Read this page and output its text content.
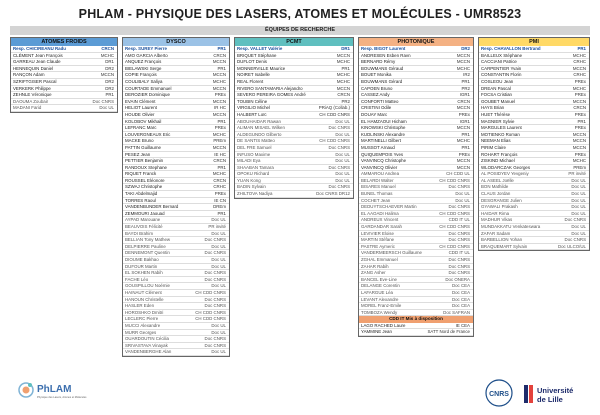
PHLAM - PHYSIQUE DES LASERS, ATOMES ET MOLÉCULES - UMR8523
ÉQUIPES DE RECHERCHE
ATOMES FROIDS
Resp. CHICIREANU Radu	CRCN
CLÉMENT Jean François	MCHC
GARREAU Jean Claude	DR1
HENNEQUIN Daniel	DR2
RANÇON Adam	MCCN
SZRIFTGISER Pascal	DR2
VERKERK Philippe	DR2
ZEHNLE Véronique	PR1
DAOUMA Zoubair	Doc CNRS
MADANI Farid	Doc UL
DYSCO
Resp. SUREY Pierre	PR1
AMO GARCIA Alberto	CRCN
ANQUEZ François	MCCN
BIELAWSKI Serge	PR1
COPIE François	MCCN
COULIBALY Saliya	MCHC
COURTADE Emmanuel	MCCN
DEROZIER Dominique	PREx
EVAIN Clément	MCCN
HELIOT Laurent	IR HC
HOUDE Olivier	MCCN
KOLOBOV Mikhail	PR1
LEFRANC Marc	PREx
LOUVERGNEAUX Eric	MCHC
MACKE Bruno	PREm
PATTIN Guillaume	MCCN
PESEZ Jean	IE HC
PETTIER Benjamin	CRCN
RANDOUX Stephane	PR1
RIQUET Franck	MCHC
ROUSSEL Eléonore	CRCN
SZWAJ Christophe	CRHC
TAKI Abdelmajid	PREx
TORRES Raoul	IE CN
VANDENBUNDER Bernard	DREm
ZEMMOURI Jaouad	PR1
AYPAD Marouane	Doc UL
BEAUVOIS Félicité	PR invité
BAYDI Brahim	Doc UL
BELLIAN Tony Mathew	Doc CNRS
DELPIERRE Pauline	Doc UL
DENNEMONT Quentin	Doc CNRS
DIOUME Bakhao	Doc UL
DUFOUR Martin	Doc UL
EL SOKHEN Rabih	Doc CNRS
FACHE Léo	Doc CNRS
GOUSPILLOU Noémie	Doc UL
HAINAUT Clément	CH CDD CNRS
HANOUN Christelle	Doc CNRS
HASLER Eden	Doc CNRS
HOROSHKO Dmitri	CH CDD CNRS
LECLERC Pierre	CH CDD CNRS
MUCCI Alexandre	Doc UL
MURR Georges	Doc UL
OUARDOUTIN Cécilia	Doc CNRS
SRIVASTAVA Vinayak	Doc CNRS
VANDENBERGHE Alan	Doc UL
PCMT
Resp. VALLET Valérie	DR1
BRIQUET Stéphane	MCCN
DUFLOT Denis	MCHC
MONNERVILLE Maurice	PR1
NOIRET Isabelle	MCHC
REAL Florent	MCHC
RIVERO SANTAMARIA Alejandro	MCCN
SEVERO PEREIRA GOMES André	CRCN
TOUBIN Céline	PR2
VIRGILIO Michel	PRiAQ (Collab.)
HALBERT Loïc	CH CDD CNRS
ABOUHAIDAR Rawan	Doc UL
ALIMAN MISAEL Wilken	Doc CNRS
ALDEGUNDO Gilberto	Doc UL
DE SANTIS Matteo	CH CDD CNRS
DEL FRE Samuel	Doc CNRS
INFUSO Maxime	Doc UL
MILADI Eya	Doc UL
SHAABAN Tamara	Doc CNRS
OPOKU Richard	Doc UL
YUAN Kong	Doc UL
BADIN Sylvain	Doc CNRS
ZHILTOVA Nadiya	Doc CNRS DR12
PHOTONIQUE
Resp. BIGOT Laurent	DR2
ANDRESEN Esben Ravn	MCCN
BERNARD Rémy	MCCN
BOUWMANS Géraud	MCHC
BOUET Monika	IR2
BOUWMANS Gérard	PR1
CAPOEN Bruno	PR2
CASSEZ Andy	IGR1
CONFORTI Matteo	CRCN
CRISTINI Odile	MCCN
DOUAY Marc	PREx
EL HAMZAOUI Hicham	IGR1
KINOWSKI Christophe	MCCN
KUDLINSKI Alexandre	PR1
MARTINELLI Gilbert	MCHC
MUSSOT Arnaud	PR1
QUIQUEMPOIS Yves	PREx
VANVINCQ Christophe	MCCN
VANVINCQ Olivier	MCCN
AMMAROU Andrea	CH CDD UL
BELARDI Walter	CH CDD CNRS
BISARES Manuel	Doc CNRS
BUNEL Thomas	Doc UL
COCHET Jean	Doc UL
DEDUYTSCHAEVER Martin	Doc CNRS
EL AAOADI Halima	CH CDD CNRS
ANDREUX Vincent	CDD IT UL
GARDANDAR Sarah	CH CDD CNRS
LEVIVIER Eloise	Doc CNRS
MARTIN Stéfane	Doc CNRS
PASTRE Aymeric	CH CDD CNRS
VANDERMEERSCH Guillaume	CDD IT UL
ZGHAL Emmanuel	Doc CNRS
ZAHAR Rabih	Doc CNRS
ZANG Asher	Doc CNRS
BANCEL Eve-Line	Doc ONERA
DELANGE Corentin	Doc CEA
LAFARGUE Léa	Doc CEA
LEVANT Alexandre	Doc CEA
MOREL Franz-Emile	Doc CEA
TOMBOZA Wendy	Doc SAFRAN
CDD IT Mis à disposition
LAGO RACHED Laure	IE CEA
YAMMINE Jean	SATT Nord de France
PMI
Resp. CHAVALLON Bertrand	PR1
BAILLEUX Stéphane	MCHC
CACCIANI Patrice	CRHC
CARPENTIER Yvain	MCCN
CONSTANTIN Florin	CRHC
COSLEOU Jean	PREx
DREAN Pascal	MCHC
FOCSA Cristian	PREx
GOUBET Manuel	MCCN
HAYS Brian	CRCN
HUET Thérèse	PREx
MAGNIER Sylvie	PR1
MARGULES Laurent	PREx
MOTIENKO Roman	MCCN
NEEMAN Elias	MCCN
PIRIM Claire	MCCN
ROHART François	PREx
ZISKIND Michael	MCHC
WLODARCZAK Georges	PREm
AL POSIDYEV Yevgeniy	PR invité
AL ASEEL Joëlle	Doc UL
BON Mathilde	Doc UL
CLAUS Jordan	Doc UL
DESGRANGE Julien	Doc UL
GYAWALI Prakash	Doc UL
HAIDAR Rima	Doc UL
MADHUR Vikas	Doc CNRS
MUNDAKKATU Venkateswara	Doc UL
ZAFAR Sadam	Doc UL
BARBELLION Yohan	Doc CNRS
BRAQUEMART Sylvain	Doc ULCO/UL
PhLAM
Physique des Lasers, Atomes et Molécules	CNRS	Université
de Lille
